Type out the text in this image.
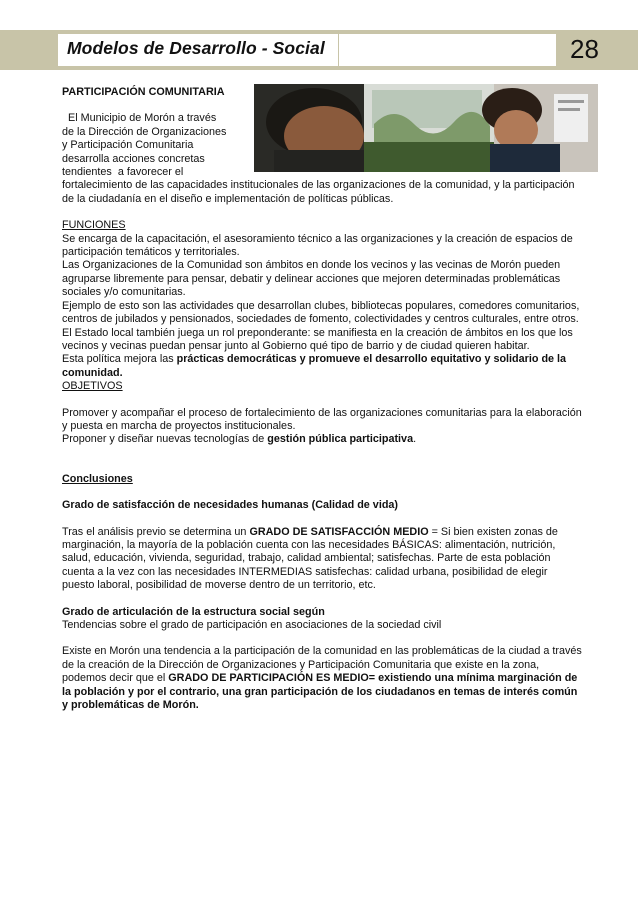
Modelos de Desarrollo - Social	28

PARTICIPACIÓN COMUNITARIA

El Municipio de Morón a través

de la Dirección de Organizaciones

y Participación Comunitaria

desarrolla acciones concretas

tendientes  a favorecer el

fortalecimiento de las capacidades institucionales de las organizaciones de la comunidad, y la participación de la ciudadanía en el diseño e implementación de políticas públicas.

FUNCIONES

Se encarga de la capacitación, el asesoramiento técnico a las organizaciones y la creación de espacios de participación temáticos y territoriales.

Las Organizaciones de la Comunidad son ámbitos en donde los vecinos y las vecinas de Morón pueden agruparse libremente para pensar, debatir y delinear acciones que mejoren determinadas problemáticas sociales y/o comunitarias.

Ejemplo de esto son las actividades que desarrollan clubes, bibliotecas populares, comedores comunitarios, centros de jubilados y pensionados, sociedades de fomento, colectividades y centros culturales, entre otros.

El Estado local también juega un rol preponderante: se manifiesta en la creación de ámbitos en los que los vecinos y vecinas puedan pensar junto al Gobierno qué tipo de barrio y de ciudad quieren habitar.

Esta política mejora las prácticas democráticas y promueve el desarrollo equitativo y solidario de la comunidad.

OBJETIVOS

Promover y acompañar el proceso de fortalecimiento de las organizaciones comunitarias para la elaboración y puesta en marcha de proyectos institucionales.

Proponer y diseñar nuevas tecnologías de gestión pública participativa.

Conclusiones

Grado de satisfacción de necesidades humanas (Calidad de vida)

Tras el análisis previo se determina un GRADO DE SATISFACCIÓN MEDIO = Si bien existen zonas de marginación, la mayoría de la población cuenta con las necesidades BÁSICAS: alimentación, nutrición, salud, educación, vivienda, seguridad, trabajo, calidad ambiental; satisfechas. Parte de esta población cuenta a la vez con las necesidades INTERMEDIAS satisfechas: calidad urbana, posibilidad de elegir puesto laboral, posibilidad de moverse dentro de un territorio, etc.

Grado de articulación de la estructura social según

Tendencias sobre el grado de participación en asociaciones de la sociedad civil

Existe en Morón una tendencia a la participación de la comunidad en las problemáticas de la ciudad a través de la creación de la Dirección de Organizaciones y Participación Comunitaria que existe en la zona, podemos decir que el GRADO DE PARTICIPACIÓN ES MEDIO= existiendo una mínima marginación de la población y por el contrario, una gran participación de los ciudadanos en temas de interés común y problemáticas de Morón.
